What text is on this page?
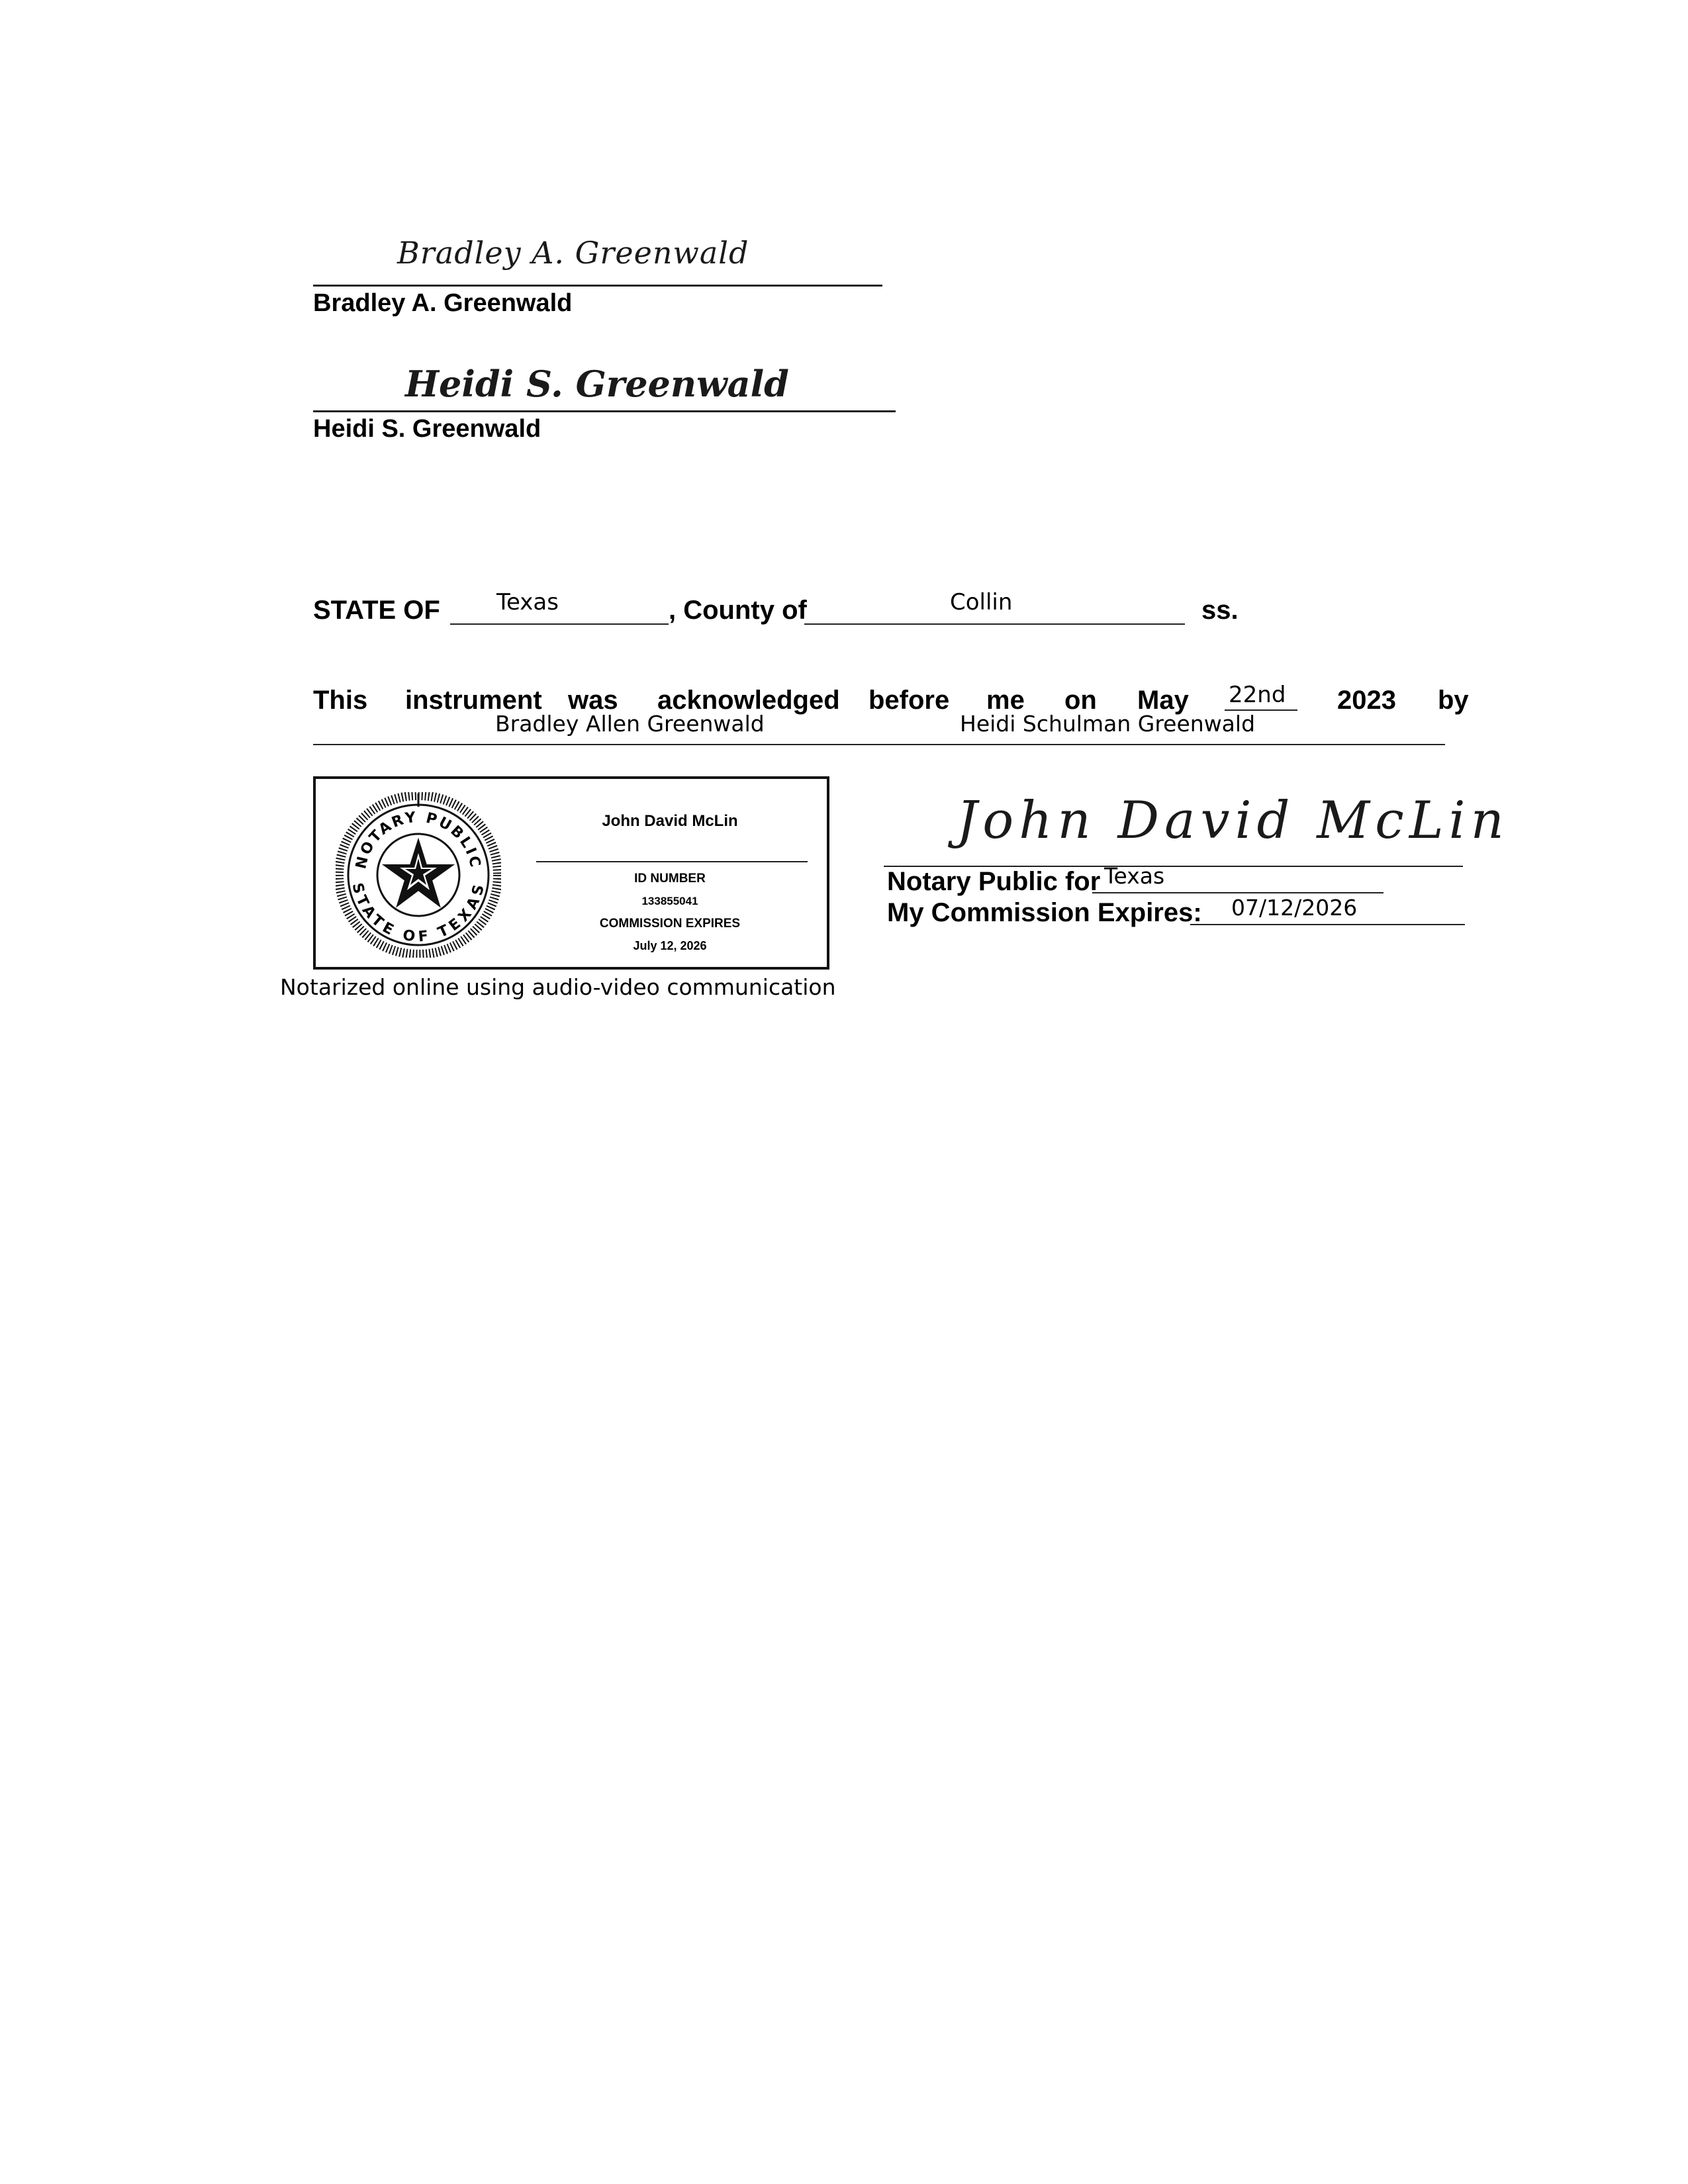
Bradley A. Greenwald
Bradley A. Greenwald
Heidi S. Greenwald
Heidi S. Greenwald
STATE OF	Texas	, County of	Collin	ss.
This instrument was acknowledged before me on May 22nd 2023 by
Bradley Allen Greenwald	Heidi Schulman Greenwald
NOTARY PUBLIC
STATE OF TEXAS
John David McLin
ID NUMBER
133855041
COMMISSION EXPIRES
July 12, 2026
John David McLin
Notary Public for Texas
My Commission Expires: 07/12/2026
Notarized online using audio-video communication
